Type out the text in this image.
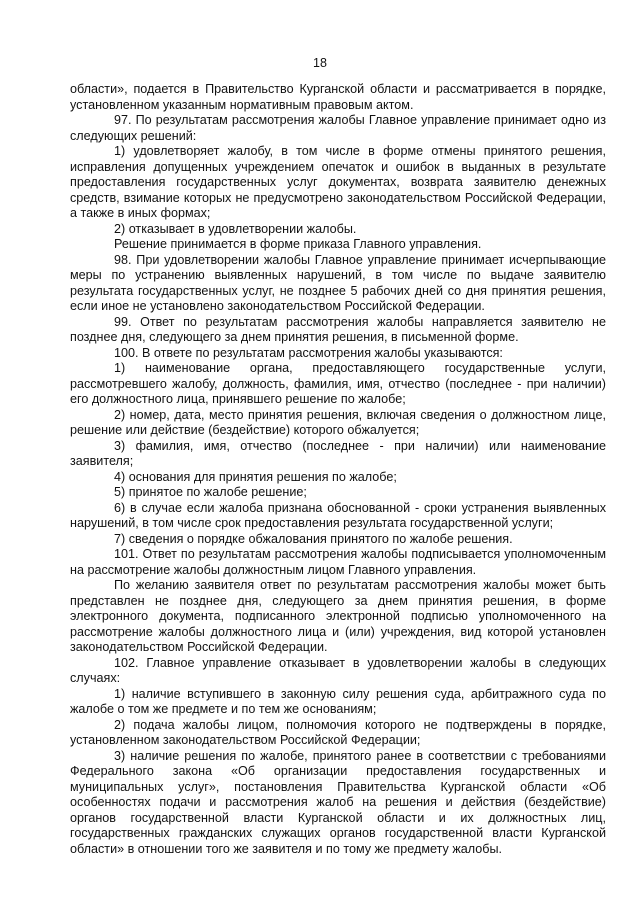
18

области», подается в Правительство Курганской области и рассматривается в порядке, установленном указанным нормативным правовым актом.

97. По результатам рассмотрения жалобы Главное управление принимает одно из следующих решений:

1) удовлетворяет жалобу, в том числе в форме отмены принятого решения, исправления допущенных учреждением опечаток и ошибок в выданных в результате предоставления государственных услуг документах, возврата заявителю денежных средств, взимание которых не предусмотрено законодательством Российской Федерации, а также в иных формах;

2) отказывает в удовлетворении жалобы.

Решение принимается в форме приказа Главного управления.

98. При удовлетворении жалобы Главное управление принимает исчерпывающие меры по устранению выявленных нарушений, в том числе по выдаче заявителю результата государственных услуг, не позднее 5 рабочих дней со дня принятия решения, если иное не установлено законодательством Российской Федерации.

99. Ответ по результатам рассмотрения жалобы направляется заявителю не позднее дня, следующего за днем принятия решения, в письменной форме.

100. В ответе по результатам рассмотрения жалобы указываются:

1) наименование органа, предоставляющего государственные услуги, рассмотревшего жалобу, должность, фамилия, имя, отчество (последнее - при наличии) его должностного лица, принявшего решение по жалобе;

2) номер, дата, место принятия решения, включая сведения о должностном лице, решение или действие (бездействие) которого обжалуется;

3) фамилия, имя, отчество (последнее - при наличии) или наименование заявителя;

4) основания для принятия решения по жалобе;

5) принятое по жалобе решение;

6) в случае если жалоба признана обоснованной - сроки устранения выявленных нарушений, в том числе срок предоставления результата государственной услуги;

7) сведения о порядке обжалования принятого по жалобе решения.

101. Ответ по результатам рассмотрения жалобы подписывается уполномоченным на рассмотрение жалобы должностным лицом Главного управления.

По желанию заявителя ответ по результатам рассмотрения жалобы может быть представлен не позднее дня, следующего за днем принятия решения, в форме электронного документа, подписанного электронной подписью уполномоченного на рассмотрение жалобы должностного лица и (или) учреждения, вид которой установлен законодательством Российской Федерации.

102. Главное управление отказывает в удовлетворении жалобы в следующих случаях:

1) наличие вступившего в законную силу решения суда, арбитражного суда по жалобе о том же предмете и по тем же основаниям;

2) подача жалобы лицом, полномочия которого не подтверждены в порядке, установленном законодательством Российской Федерации;

3) наличие решения по жалобе, принятого ранее в соответствии с требованиями Федерального закона «Об организации предоставления государственных и муниципальных услуг», постановления Правительства Курганской области «Об особенностях подачи и рассмотрения жалоб на решения и действия (бездействие) органов государственной власти Курганской области и их должностных лиц, государственных гражданских служащих органов государственной власти Курганской области» в отношении того же заявителя и по тому же предмету жалобы.
